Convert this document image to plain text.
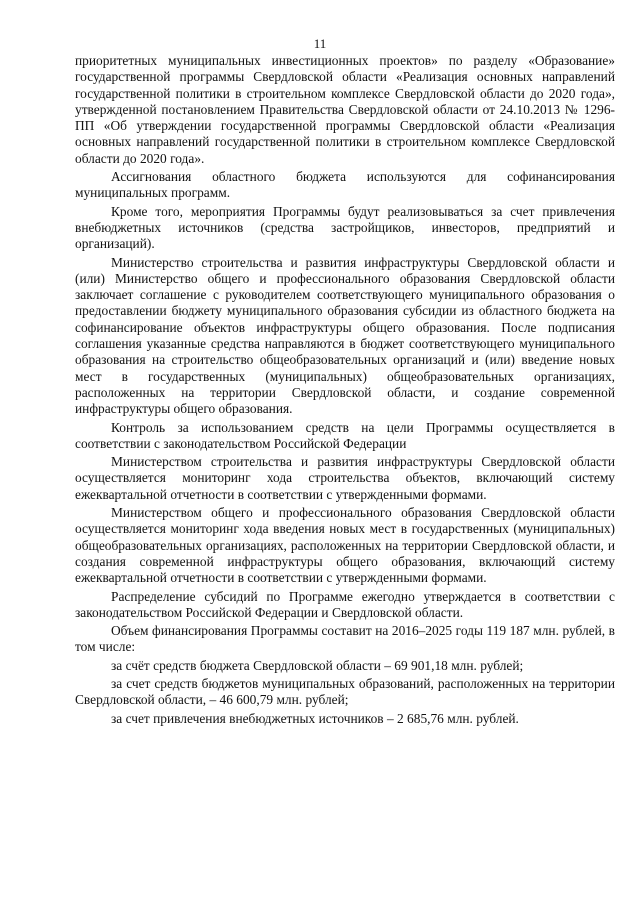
11

приоритетных муниципальных инвестиционных проектов» по разделу «Образование» государственной программы Свердловской области «Реализация основных направлений государственной политики в строительном комплексе Свердловской области до 2020 года», утвержденной постановлением Правительства Свердловской области от 24.10.2013 № 1296-ПП «Об утверждении государственной программы Свердловской области «Реализация основных направлений государственной политики в строительном комплексе Свердловской области до 2020 года».

Ассигнования областного бюджета используются для софинансирования муниципальных программ.

Кроме того, мероприятия Программы будут реализовываться за счет привлечения внебюджетных источников (средства застройщиков, инвесторов, предприятий и организаций).

Министерство строительства и развития инфраструктуры Свердловской области и (или) Министерство общего и профессионального образования Свердловской области заключает соглашение с руководителем соответствующего муниципального образования о предоставлении бюджету муниципального образования субсидии из областного бюджета на софинансирование объектов инфраструктуры общего образования. После подписания соглашения указанные средства направляются в бюджет соответствующего муниципального образования на строительство общеобразовательных организаций и (или) введение новых мест в государственных (муниципальных) общеобразовательных организациях, расположенных на территории Свердловской области, и создание современной инфраструктуры общего образования.

Контроль за использованием средств на цели Программы осуществляется в соответствии с законодательством Российской Федерации

Министерством строительства и развития инфраструктуры Свердловской области осуществляется мониторинг хода строительства объектов, включающий систему ежеквартальной отчетности в соответствии с утвержденными формами.

Министерством общего и профессионального образования Свердловской области осуществляется мониторинг хода введения новых мест в государственных (муниципальных) общеобразовательных организациях, расположенных на территории Свердловской области, и создания современной инфраструктуры общего образования, включающий систему ежеквартальной отчетности в соответствии с утвержденными формами.

Распределение субсидий по Программе ежегодно утверждается в соответствии с законодательством Российской Федерации и Свердловской области.

Объем финансирования Программы составит на 2016–2025 годы 119 187 млн. рублей, в том числе:

за счёт средств бюджета Свердловской области – 69 901,18 млн. рублей;

за счет средств бюджетов муниципальных образований, расположенных на территории Свердловской области, – 46 600,79 млн. рублей;

за счет привлечения внебюджетных источников – 2 685,76 млн. рублей.
